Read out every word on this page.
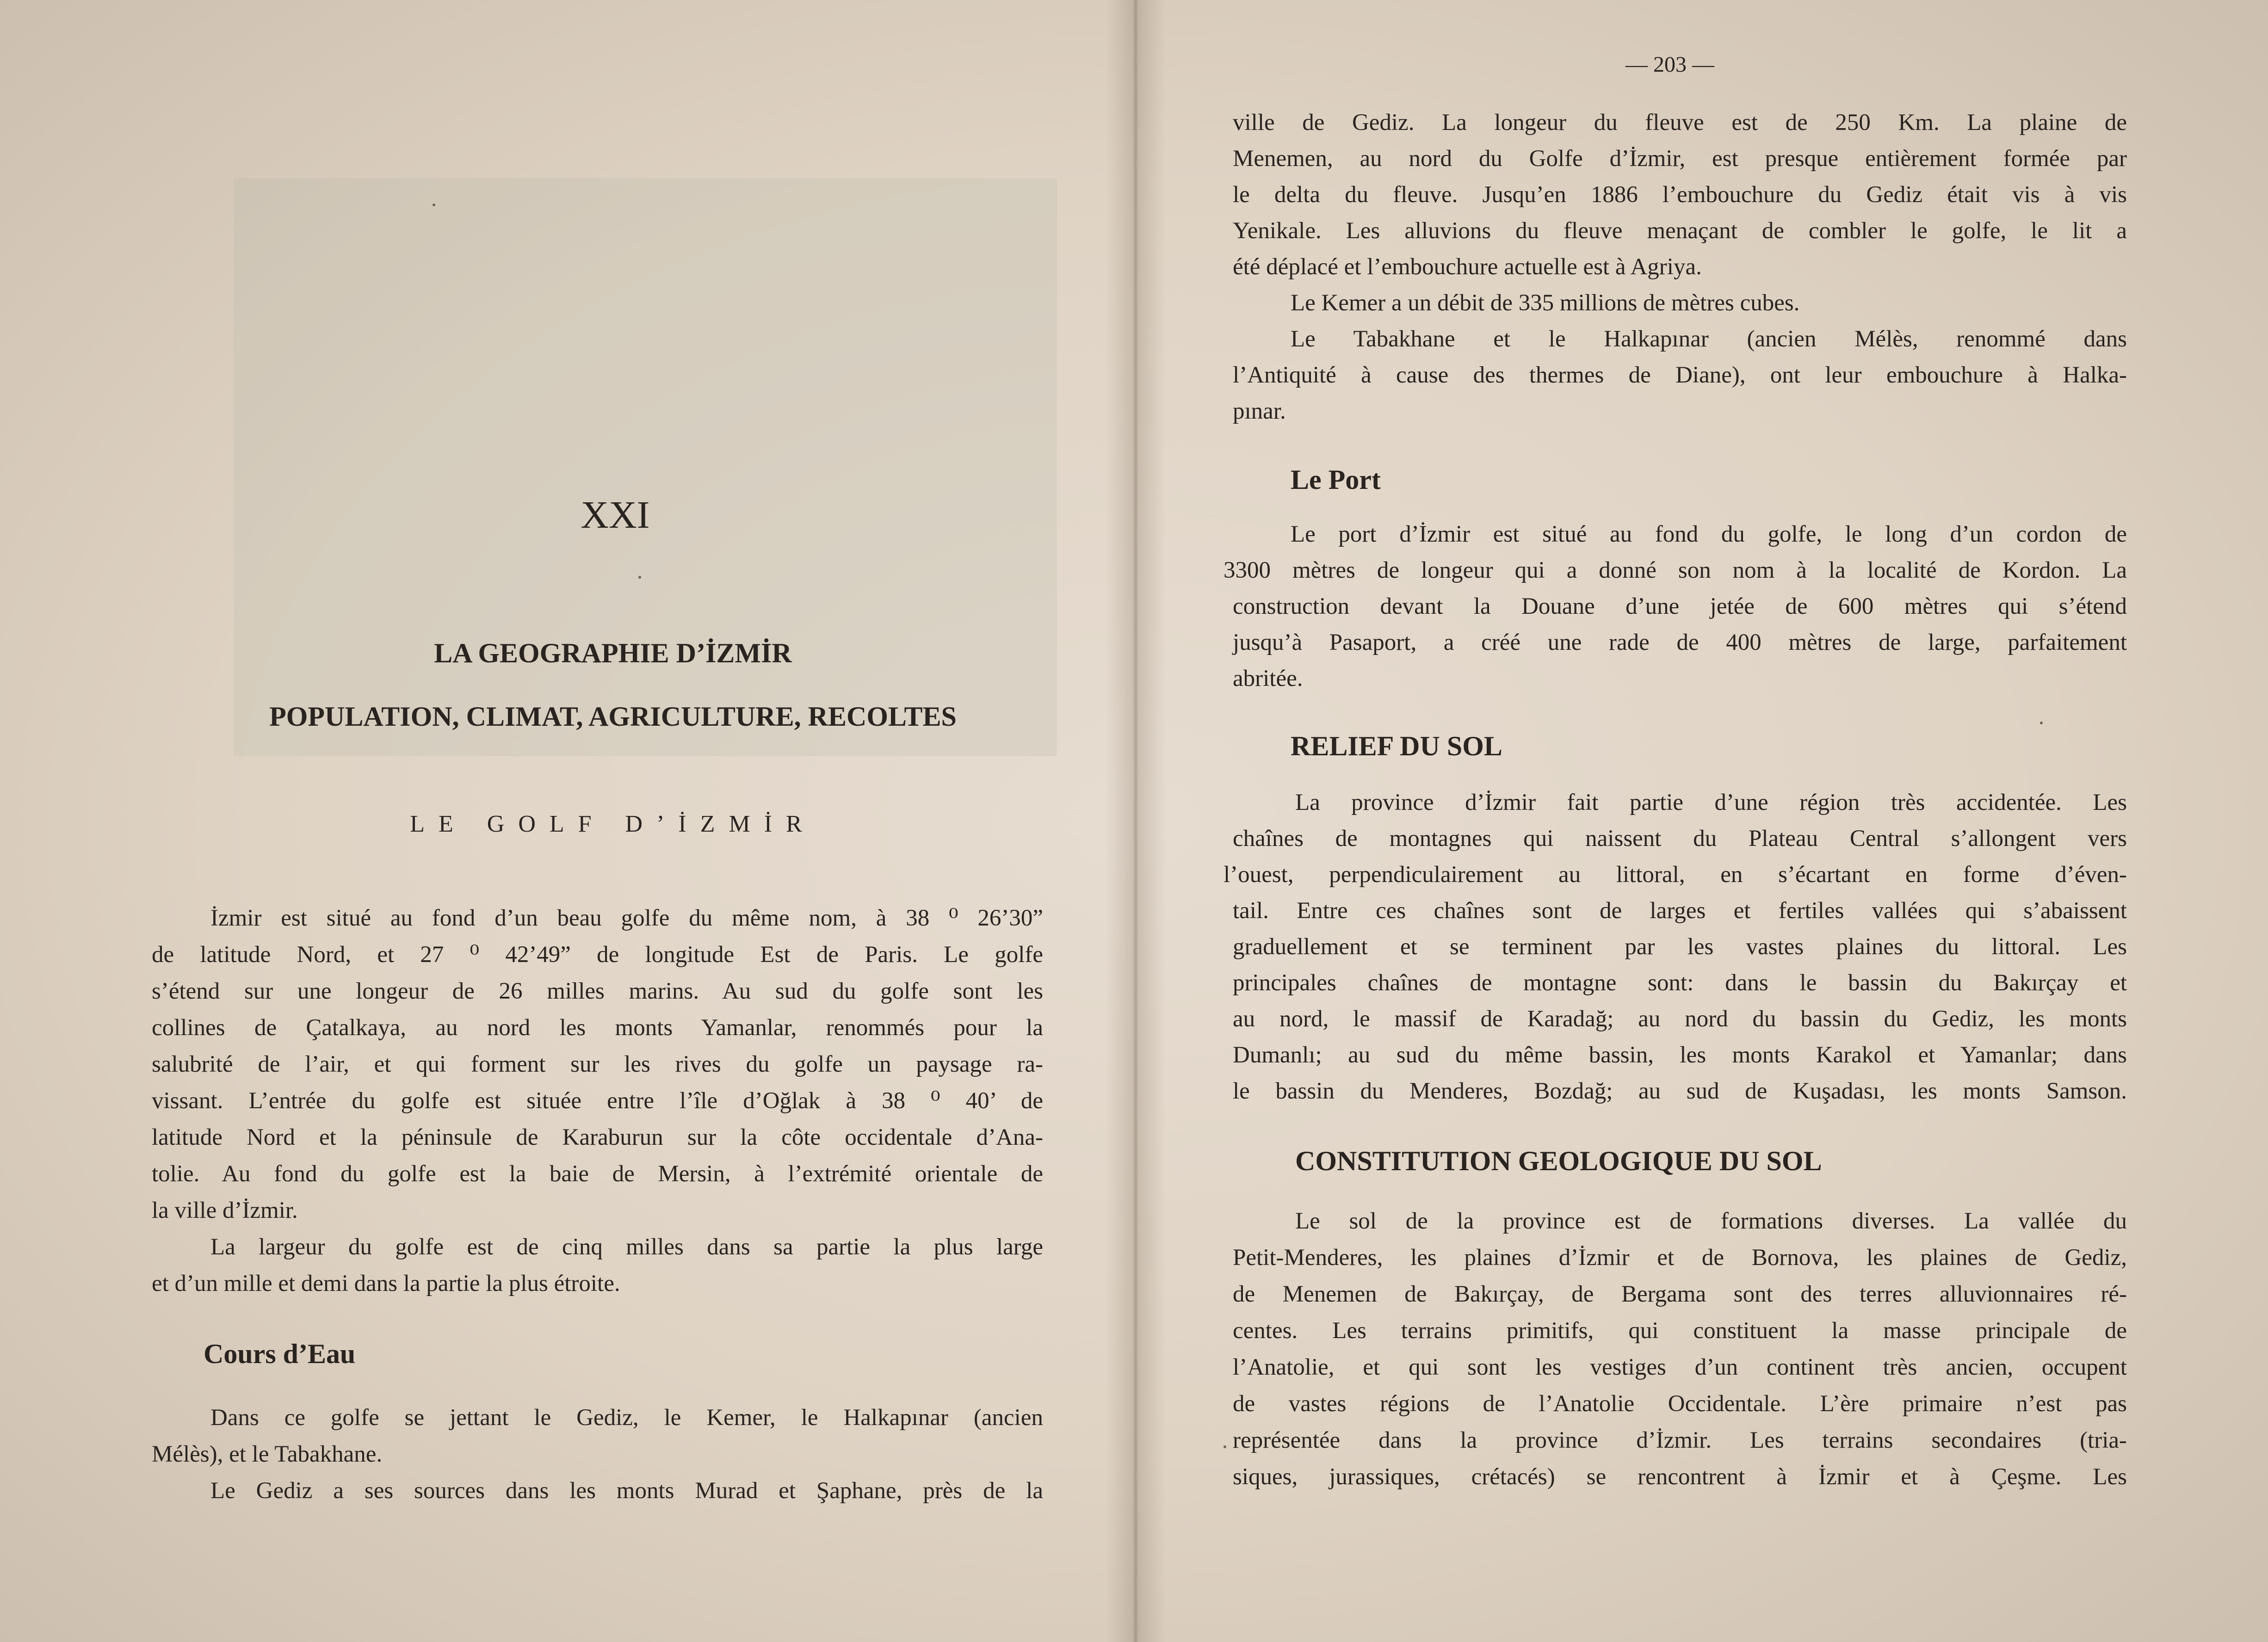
XXI
LA GEOGRAPHIE D’İZMİR
POPULATION, CLIMAT, AGRICULTURE, RECOLTES
LE GOLF D’İZMİR
İzmir est situé au fond d’un beau golfe du même nom, à 38 ⁰ 26’30”
de latitude Nord, et 27 ⁰ 42’49” de longitude Est de Paris. Le golfe
s’étend sur une longeur de 26 milles marins. Au sud du golfe sont les
collines de Çatalkaya, au nord les monts Yamanlar, renommés pour la
salubrité de l’air, et qui forment sur les rives du golfe un paysage ra-
vissant. L’entrée du golfe est située entre l’île d’Oğlak à 38 ⁰ 40’ de
latitude Nord et la péninsule de Karaburun sur la côte occidentale d’Ana-
tolie. Au fond du golfe est la baie de Mersin, à l’extrémité orientale de
la ville d’İzmir.
La largeur du golfe est de cinq milles dans sa partie la plus large
et d’un mille et demi dans la partie la plus étroite.
Cours d’Eau
Dans ce golfe se jettant le Gediz, le Kemer, le Halkapınar (ancien
Mélès), et le Tabakhane.
Le Gediz a ses sources dans les monts Murad et Şaphane, près de la
— 203 —
ville de Gediz. La longeur du fleuve est de 250 Km. La plaine de
Menemen, au nord du Golfe d’İzmir, est presque entièrement formée par
le delta du fleuve. Jusqu’en 1886 l’embouchure du Gediz était vis à vis
Yenikale. Les alluvions du fleuve menaçant de combler le golfe, le lit a
été déplacé et l’embouchure actuelle est à Agriya.
Le Kemer a un débit de 335 millions de mètres cubes.
Le Tabakhane et le Halkapınar (ancien Mélès, renommé dans
l’Antiquité à cause des thermes de Diane), ont leur embouchure à Halka-
pınar.
Le Port
Le port d’İzmir est situé au fond du golfe, le long d’un cordon de
3300 mètres de longeur qui a donné son nom à la localité de Kordon. La
construction devant la Douane d’une jetée de 600 mètres qui s’étend
jusqu’à Pasaport, a créé une rade de 400 mètres de large, parfaitement
abritée.
RELIEF DU SOL
La province d’İzmir fait partie d’une région très accidentée. Les
chaînes de montagnes qui naissent du Plateau Central s’allongent vers
l’ouest, perpendiculairement au littoral, en s’écartant en forme d’éven-
tail. Entre ces chaînes sont de larges et fertiles vallées qui s’abaissent
graduellement et se terminent par les vastes plaines du littoral. Les
principales chaînes de montagne sont: dans le bassin du Bakırçay et
au nord, le massif de Karadağ; au nord du bassin du Gediz, les monts
Dumanlı; au sud du même bassin, les monts Karakol et Yamanlar; dans
le bassin du Menderes, Bozdağ; au sud de Kuşadası, les monts Samson.
CONSTITUTION GEOLOGIQUE DU SOL
Le sol de la province est de formations diverses. La vallée du
Petit-Menderes, les plaines d’İzmir et de Bornova, les plaines de Gediz,
de Menemen de Bakırçay, de Bergama sont des terres alluvionnaires ré-
centes. Les terrains primitifs, qui constituent la masse principale de
l’Anatolie, et qui sont les vestiges d’un continent très ancien, occupent
de vastes régions de l’Anatolie Occidentale. L’ère primaire n’est pas
représentée dans la province d’İzmir. Les terrains secondaires (tria-
siques, jurassiques, crétacés) se rencontrent à İzmir et à Çeşme. Les
